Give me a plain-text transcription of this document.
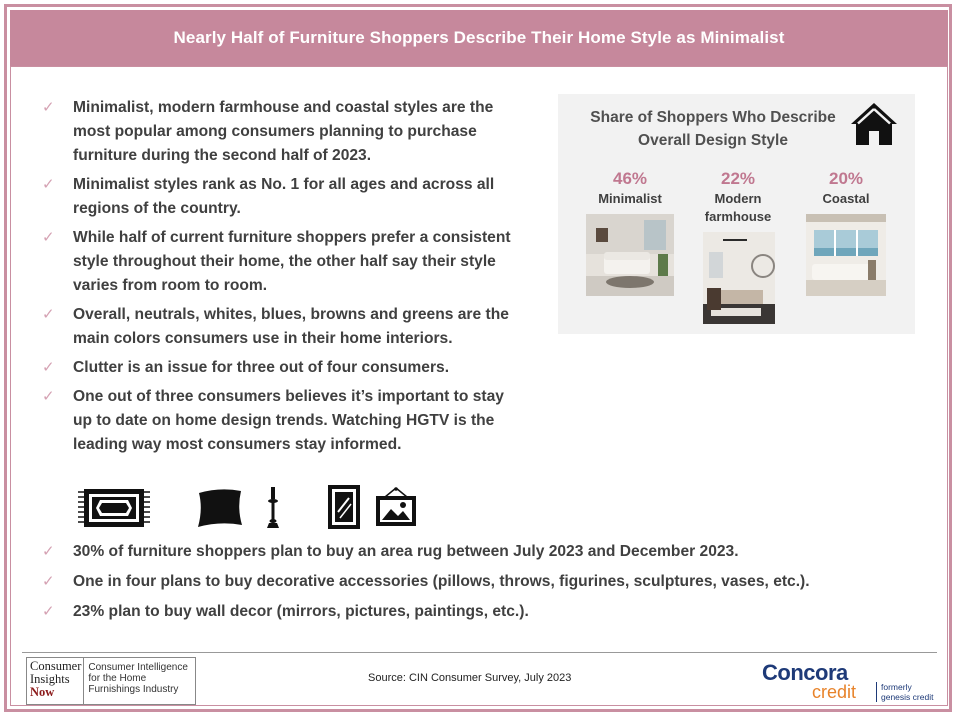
Nearly Half of Furniture Shoppers Describe Their Home Style as Minimalist
✓ Minimalist, modern farmhouse and coastal styles are the most popular among consumers planning to purchase furniture during the second half of 2023.
✓ Minimalist styles rank as No. 1 for all ages and across all regions of the country.
✓ While half of current furniture shoppers prefer a consistent style throughout their home, the other half say their style varies from room to room.
✓ Overall, neutrals, whites, blues, browns and greens are the main colors consumers use in their home interiors.
✓ Clutter is an issue for three out of four consumers.
✓ One out of three consumers believes it’s important to stay up to date on home design trends. Watching HGTV is the leading way most consumers stay informed.
Share of Shoppers Who Describe Overall Design Style
46%
Minimalist
22%
Modern farmhouse
20%
Coastal
✓ 30% of furniture shoppers plan to buy an area rug between July 2023 and December 2023.
✓ One in four plans to buy decorative accessories (pillows, throws, figurines, sculptures, vases, etc.).
✓ 23% plan to buy wall decor (mirrors, pictures, paintings, etc.).
Consumer
Insights
Now
Consumer Intelligence for the Home Furnishings Industry
Source: CIN Consumer Survey, July 2023	Concora
credit	formerly
genesis credit
